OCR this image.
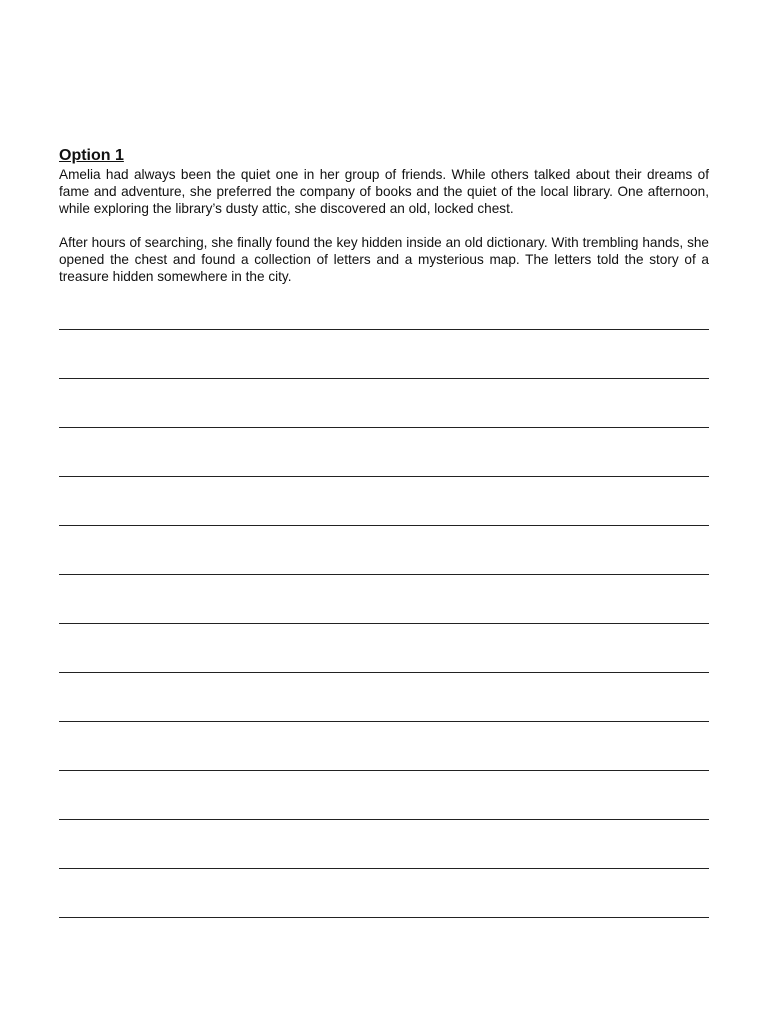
Option 1

Amelia had always been the quiet one in her group of friends. While others talked about their dreams of fame and adventure, she preferred the company of books and the quiet of the local library. One afternoon, while exploring the library’s dusty attic, she discovered an old, locked chest.

After hours of searching, she finally found the key hidden inside an old dictionary. With trembling hands, she opened the chest and found a collection of letters and a mysterious map. The letters told the story of a treasure hidden somewhere in the city.
